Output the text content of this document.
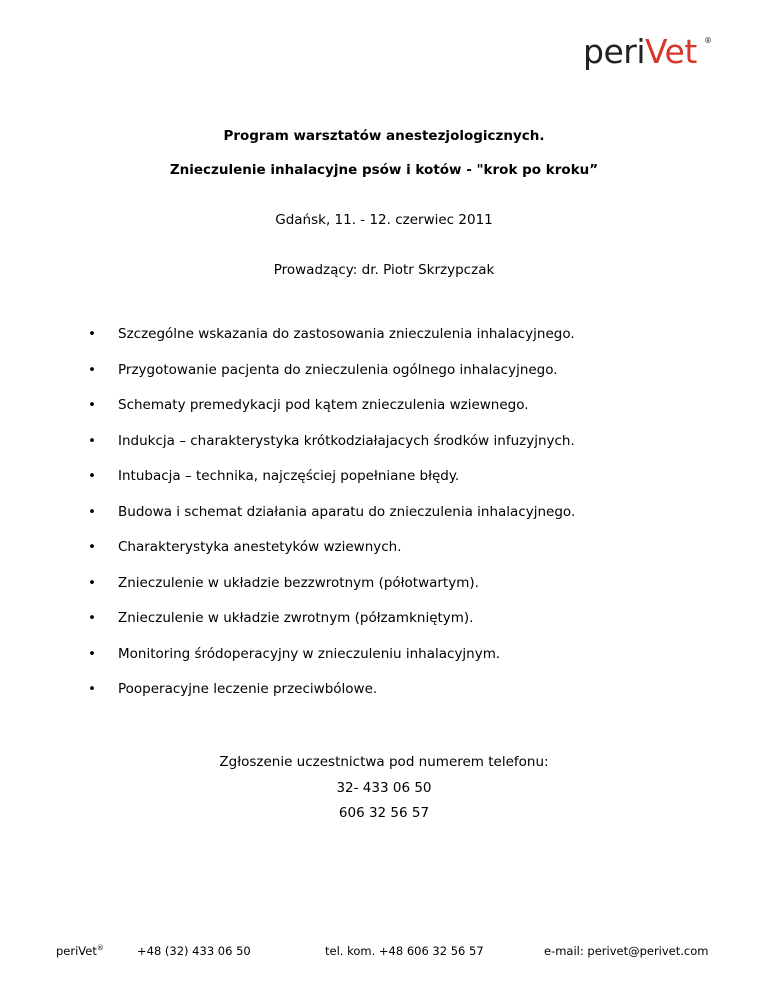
periVet ®
Program warsztatów anestezjologicznych.
Znieczulenie inhalacyjne psów i kotów - "krok po kroku”
Gdańsk, 11. - 12. czerwiec 2011
Prowadzący: dr. Piotr Skrzypczak
• Szczególne wskazania do zastosowania znieczulenia inhalacyjnego.
• Przygotowanie pacjenta do znieczulenia ogólnego inhalacyjnego.
• Schematy premedykacji pod kątem znieczulenia wziewnego.
• Indukcja – charakterystyka krótkodziałajacych środków infuzyjnych.
• Intubacja – technika, najczęściej popełniane błędy.
• Budowa i schemat działania aparatu do znieczulenia inhalacyjnego.
• Charakterystyka anestetyków wziewnych.
• Znieczulenie w układzie bezzwrotnym (półotwartym).
• Znieczulenie w układzie zwrotnym (półzamkniętym).
• Monitoring śródoperacyjny w znieczuleniu inhalacyjnym.
• Pooperacyjne leczenie przeciwbólowe.
Zgłoszenie uczestnictwa pod numerem telefonu:
32- 433 06 50
606 32 56 57
periVet®	+48 (32) 433 06 50	tel. kom. +48 606 32 56 57	e-mail: perivet@perivet.com
